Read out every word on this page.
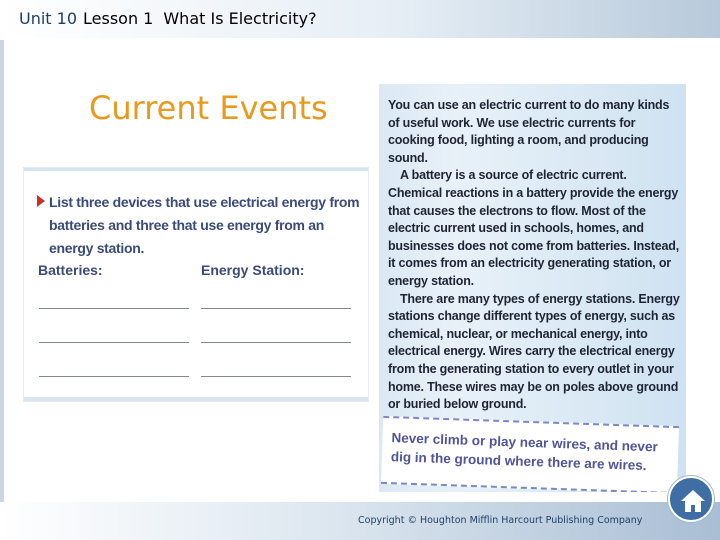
Unit 10 Lesson 1 What Is Electricity?
Current Events
List three devices that use electrical energy from batteries and three that use energy from an energy station.
Batteries:	Energy Station:

You can use an electric current to do many kinds of useful work. We use electric currents for cooking food, lighting a room, and producing sound.

A battery is a source of electric current. Chemical reactions in a battery provide the energy that causes the electrons to flow. Most of the electric current used in schools, homes, and businesses does not come from batteries. Instead, it comes from an electricity generating station, or energy station.

There are many types of energy stations. Energy stations change different types of energy, such as chemical, nuclear, or mechanical energy, into electrical energy. Wires carry the electrical energy from the generating station to every outlet in your home. These wires may be on poles above ground or buried below ground.

Never climb or play near wires, and never dig in the ground where there are wires.
Copyright © Houghton Mifflin Harcourt Publishing Company
